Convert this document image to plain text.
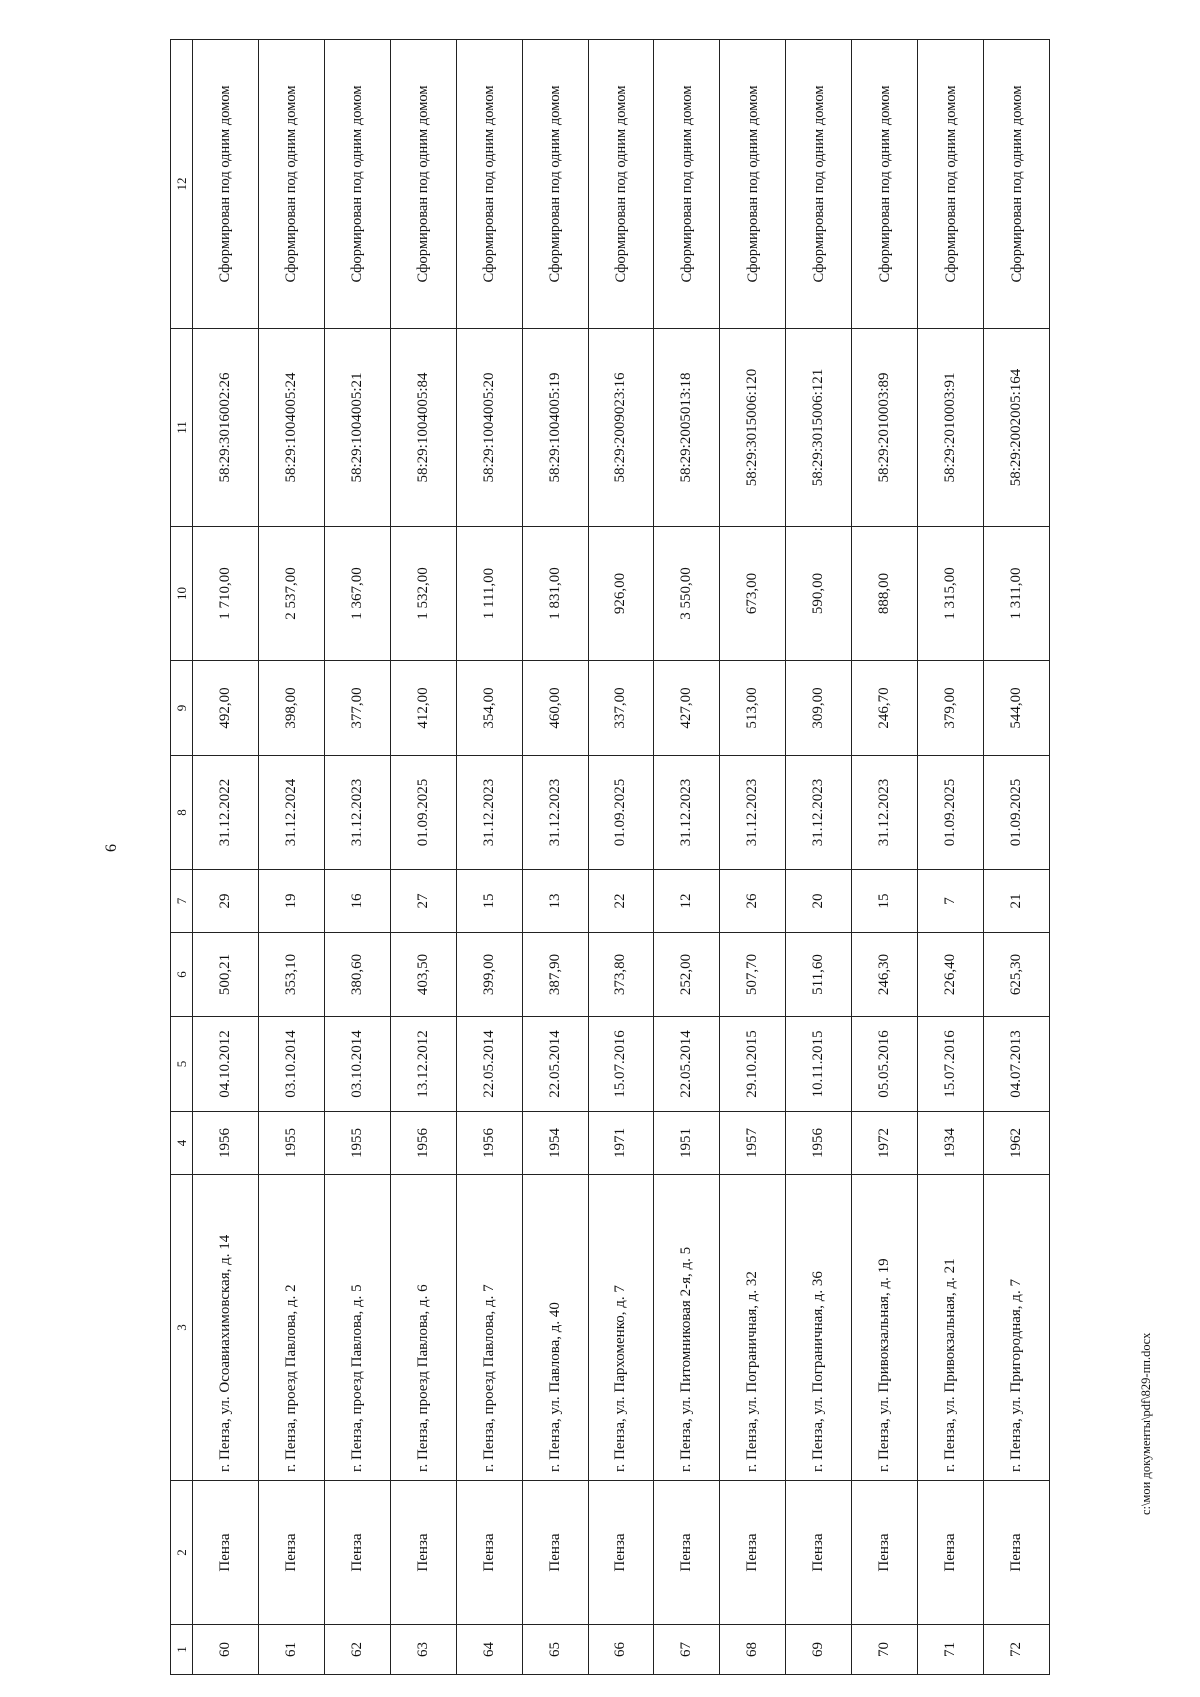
6
1	2	3	4	5	6	7	8	9	10	11	12
60	Пенза	г. Пенза, ул. Осоавиахимовская, д. 14	1956	04.10.2012	500,21	29	31.12.2022	492,00	1 710,00	58:29:3016002:26	Сформирован под одним домом
61	Пенза	г. Пенза, проезд Павлова, д. 2	1955	03.10.2014	353,10	19	31.12.2024	398,00	2 537,00	58:29:1004005:24	Сформирован под одним домом
62	Пенза	г. Пенза, проезд Павлова, д. 5	1955	03.10.2014	380,60	16	31.12.2023	377,00	1 367,00	58:29:1004005:21	Сформирован под одним домом
63	Пенза	г. Пенза, проезд Павлова, д. 6	1956	13.12.2012	403,50	27	01.09.2025	412,00	1 532,00	58:29:1004005:84	Сформирован под одним домом
64	Пенза	г. Пенза, проезд Павлова, д. 7	1956	22.05.2014	399,00	15	31.12.2023	354,00	1 111,00	58:29:1004005:20	Сформирован под одним домом
65	Пенза	г. Пенза, ул. Павлова, д. 40	1954	22.05.2014	387,90	13	31.12.2023	460,00	1 831,00	58:29:1004005:19	Сформирован под одним домом
66	Пенза	г. Пенза, ул. Пархоменко, д. 7	1971	15.07.2016	373,80	22	01.09.2025	337,00	926,00	58:29:2009023:16	Сформирован под одним домом
67	Пенза	г. Пенза, ул. Питомниковая 2-я, д. 5	1951	22.05.2014	252,00	12	31.12.2023	427,00	3 550,00	58:29:2005013:18	Сформирован под одним домом
68	Пенза	г. Пенза, ул. Пограничная, д. 32	1957	29.10.2015	507,70	26	31.12.2023	513,00	673,00	58:29:3015006:120	Сформирован под одним домом
69	Пенза	г. Пенза, ул. Пограничная, д. 36	1956	10.11.2015	511,60	20	31.12.2023	309,00	590,00	58:29:3015006:121	Сформирован под одним домом
70	Пенза	г. Пенза, ул. Привокзальная, д. 19	1972	05.05.2016	246,30	15	31.12.2023	246,70	888,00	58:29:2010003:89	Сформирован под одним домом
71	Пенза	г. Пенза, ул. Привокзальная, д. 21	1934	15.07.2016	226,40	7	01.09.2025	379,00	1 315,00	58:29:2010003:91	Сформирован под одним домом
72	Пенза	г. Пенза, ул. Пригородная, д. 7	1962	04.07.2013	625,30	21	01.09.2025	544,00	1 311,00	58:29:2002005:164	Сформирован под одним домом
c:\мои документы\pdf\829-пп.docx
